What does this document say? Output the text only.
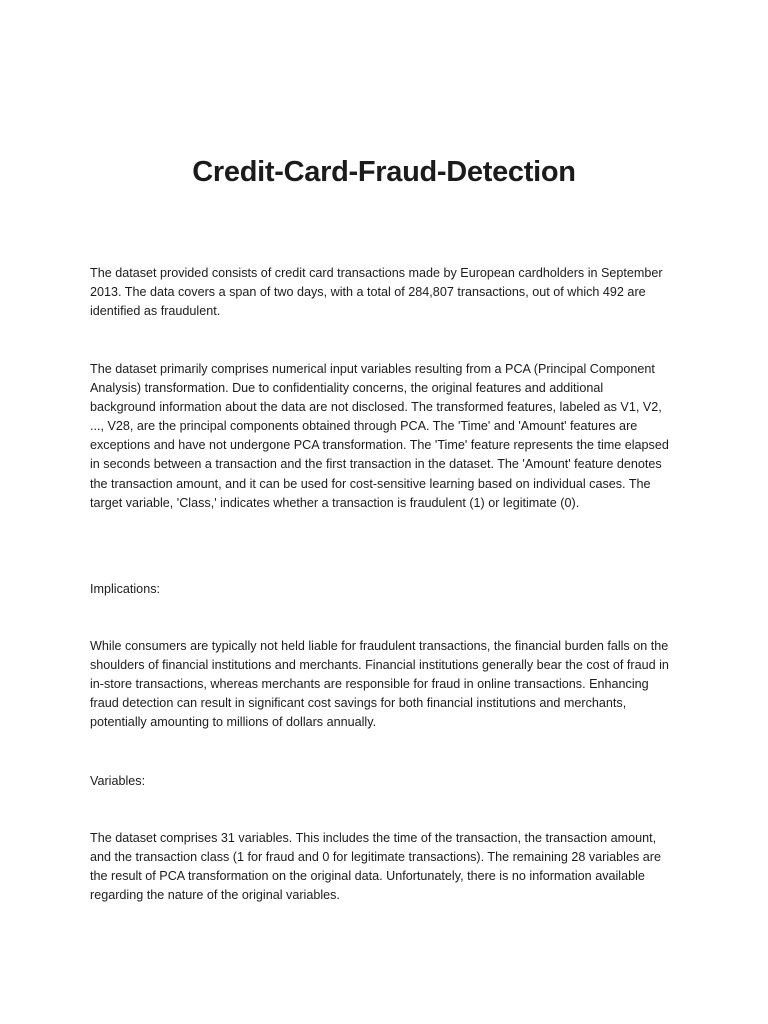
Credit-Card-Fraud-Detection

The dataset provided consists of credit card transactions made by European cardholders in September 2013. The data covers a span of two days, with a total of 284,807 transactions, out of which 492 are identified as fraudulent.

The dataset primarily comprises numerical input variables resulting from a PCA (Principal Component Analysis) transformation. Due to confidentiality concerns, the original features and additional background information about the data are not disclosed. The transformed features, labeled as V1, V2, ..., V28, are the principal components obtained through PCA. The 'Time' and 'Amount' features are exceptions and have not undergone PCA transformation. The 'Time' feature represents the time elapsed in seconds between a transaction and the first transaction in the dataset. The 'Amount' feature denotes the transaction amount, and it can be used for cost-sensitive learning based on individual cases. The target variable, 'Class,' indicates whether a transaction is fraudulent (1) or legitimate (0).

Implications:

While consumers are typically not held liable for fraudulent transactions, the financial burden falls on the shoulders of financial institutions and merchants. Financial institutions generally bear the cost of fraud in in-store transactions, whereas merchants are responsible for fraud in online transactions. Enhancing fraud detection can result in significant cost savings for both financial institutions and merchants, potentially amounting to millions of dollars annually.

Variables:

The dataset comprises 31 variables. This includes the time of the transaction, the transaction amount, and the transaction class (1 for fraud and 0 for legitimate transactions). The remaining 28 variables are the result of PCA transformation on the original data. Unfortunately, there is no information available regarding the nature of the original variables.
